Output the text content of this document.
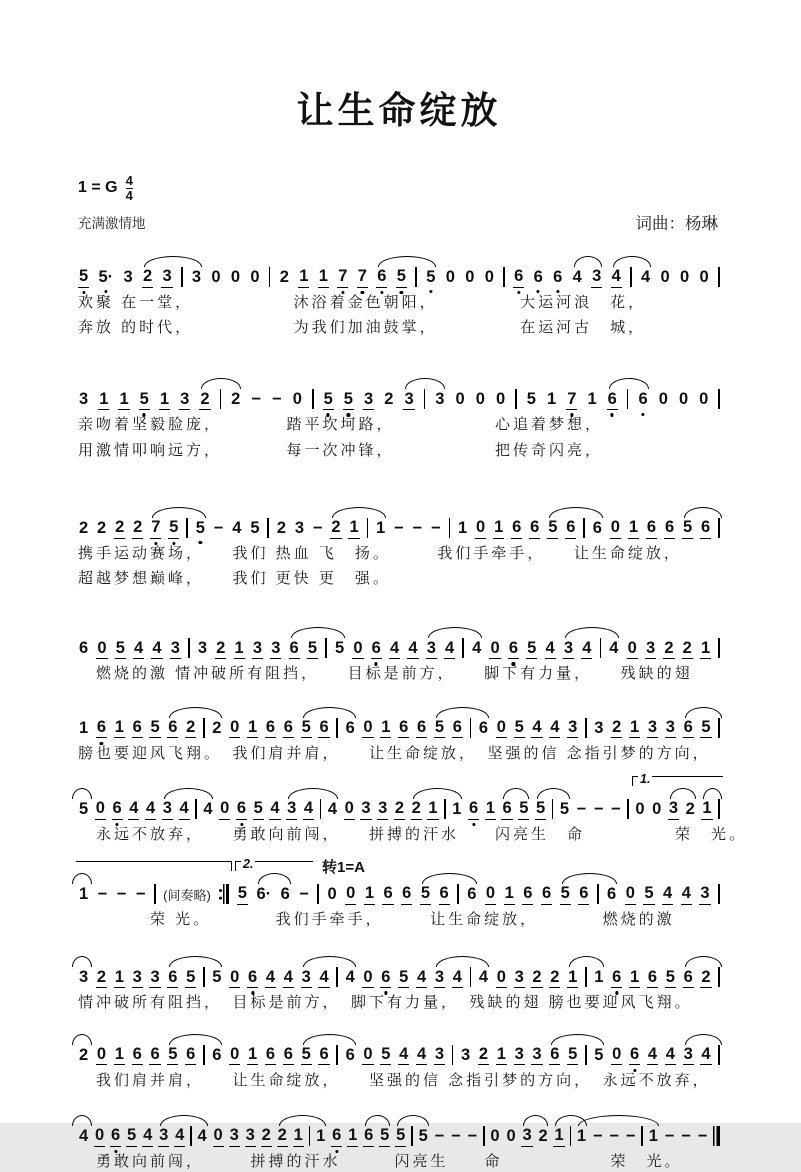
让生命绽放
1 = G $\frac{4}{4}$
充满激情地	词曲：杨琳
5 5· 3 2 3 3 0 0 0 2 1 1 7 7 6 5 5 0 0 0 6 6 6 4 3 4 4 0 0 0
欢聚 在一堂，　　　　　　沐浴着金色朝阳，　　　　　大运河浪　花，
奔放 的时代，　　　　　　为我们加油鼓掌，　　　　　在运河古　城，
3 1 1 5 1 3 2 2 − − 0 5 5 3 2 3 3 0 0 0 5 1 7 1 6 6 0 0 0
亲吻着坚毅脸庞，　　　　踏平坎坷路，　　　　　　心追着梦想，
用激情叩响远方，　　　　每一次冲锋，　　　　　　把传奇闪亮，
2 2 2 2 7 5 5 − 4 5 2 3 − 2 1 1 − − − 1 0 1 6 6 5 6 6 0 1 6 6 5 6
携手运动赛场，　　我们 热血 飞　扬。　　　我们手牵手，　　让生命绽放，
超越梦想巅峰，　　我们 更快 更　强。
6 0 5 4 4 3 3 2 1 3 3 6 5 5 0 6 4 4 3 4 4 0 6 5 4 3 4 4 0 3 2 2 1
　燃烧的激 情冲破所有阻挡，　　目标是前方，　　脚下有力量，　　残缺的翅
1 6 1 6 5 6 2 2 0 1 6 6 5 6 6 0 1 6 6 5 6 6 0 5 4 4 3 3 2 1 3 3 6 5
膀也要迎风飞翔。　我们肩并肩，　　让生命绽放，　坚强的信 念指引梦的方向，
5 0 6 4 4 3 4 4 0 6 5 4 3 4 4 0 3 3 2 2 1 1 6 1 6 5 5 5 − − − 0 0 3 2 1
1.
　永远不放弃，　　勇敢向前闯，　　拼搏的汗水　　闪亮生　命　　　　　荣　光。
1 − − − (间奏略) 5 6· 6 − 0 0 1 6 6 5 6 6 0 1 6 6 5 6 6 0 5 4 4 3
2.	转1=A
　　　　荣 光。　　　　我们手牵手，　　　让生命绽放，　　　　燃烧的激
3 2 1 3 3 6 5 5 0 6 4 4 3 4 4 0 6 5 4 3 4 4 0 3 2 2 1 1 6 1 6 5 6 2
情冲破所有阻挡，　目标是前方，　脚下有力量，　残缺的翅 膀也要迎风飞翔。
2 0 1 6 6 5 6 6 0 1 6 6 5 6 6 0 5 4 4 3 3 2 1 3 3 6 5 5 0 6 4 4 3 4
　我们肩并肩，　　让生命绽放，　　坚强的信 念指引梦的方向，　永远不放弃，
4 0 6 5 4 3 4 4 0 3 3 2 2 1 1 6 1 6 5 5 5 − − − 0 0 3 2 1 1 − − − 1 − − −
　勇敢向前闯，　　　拼搏的汗水　　　闪亮生　　命　　　　　　荣　光。
